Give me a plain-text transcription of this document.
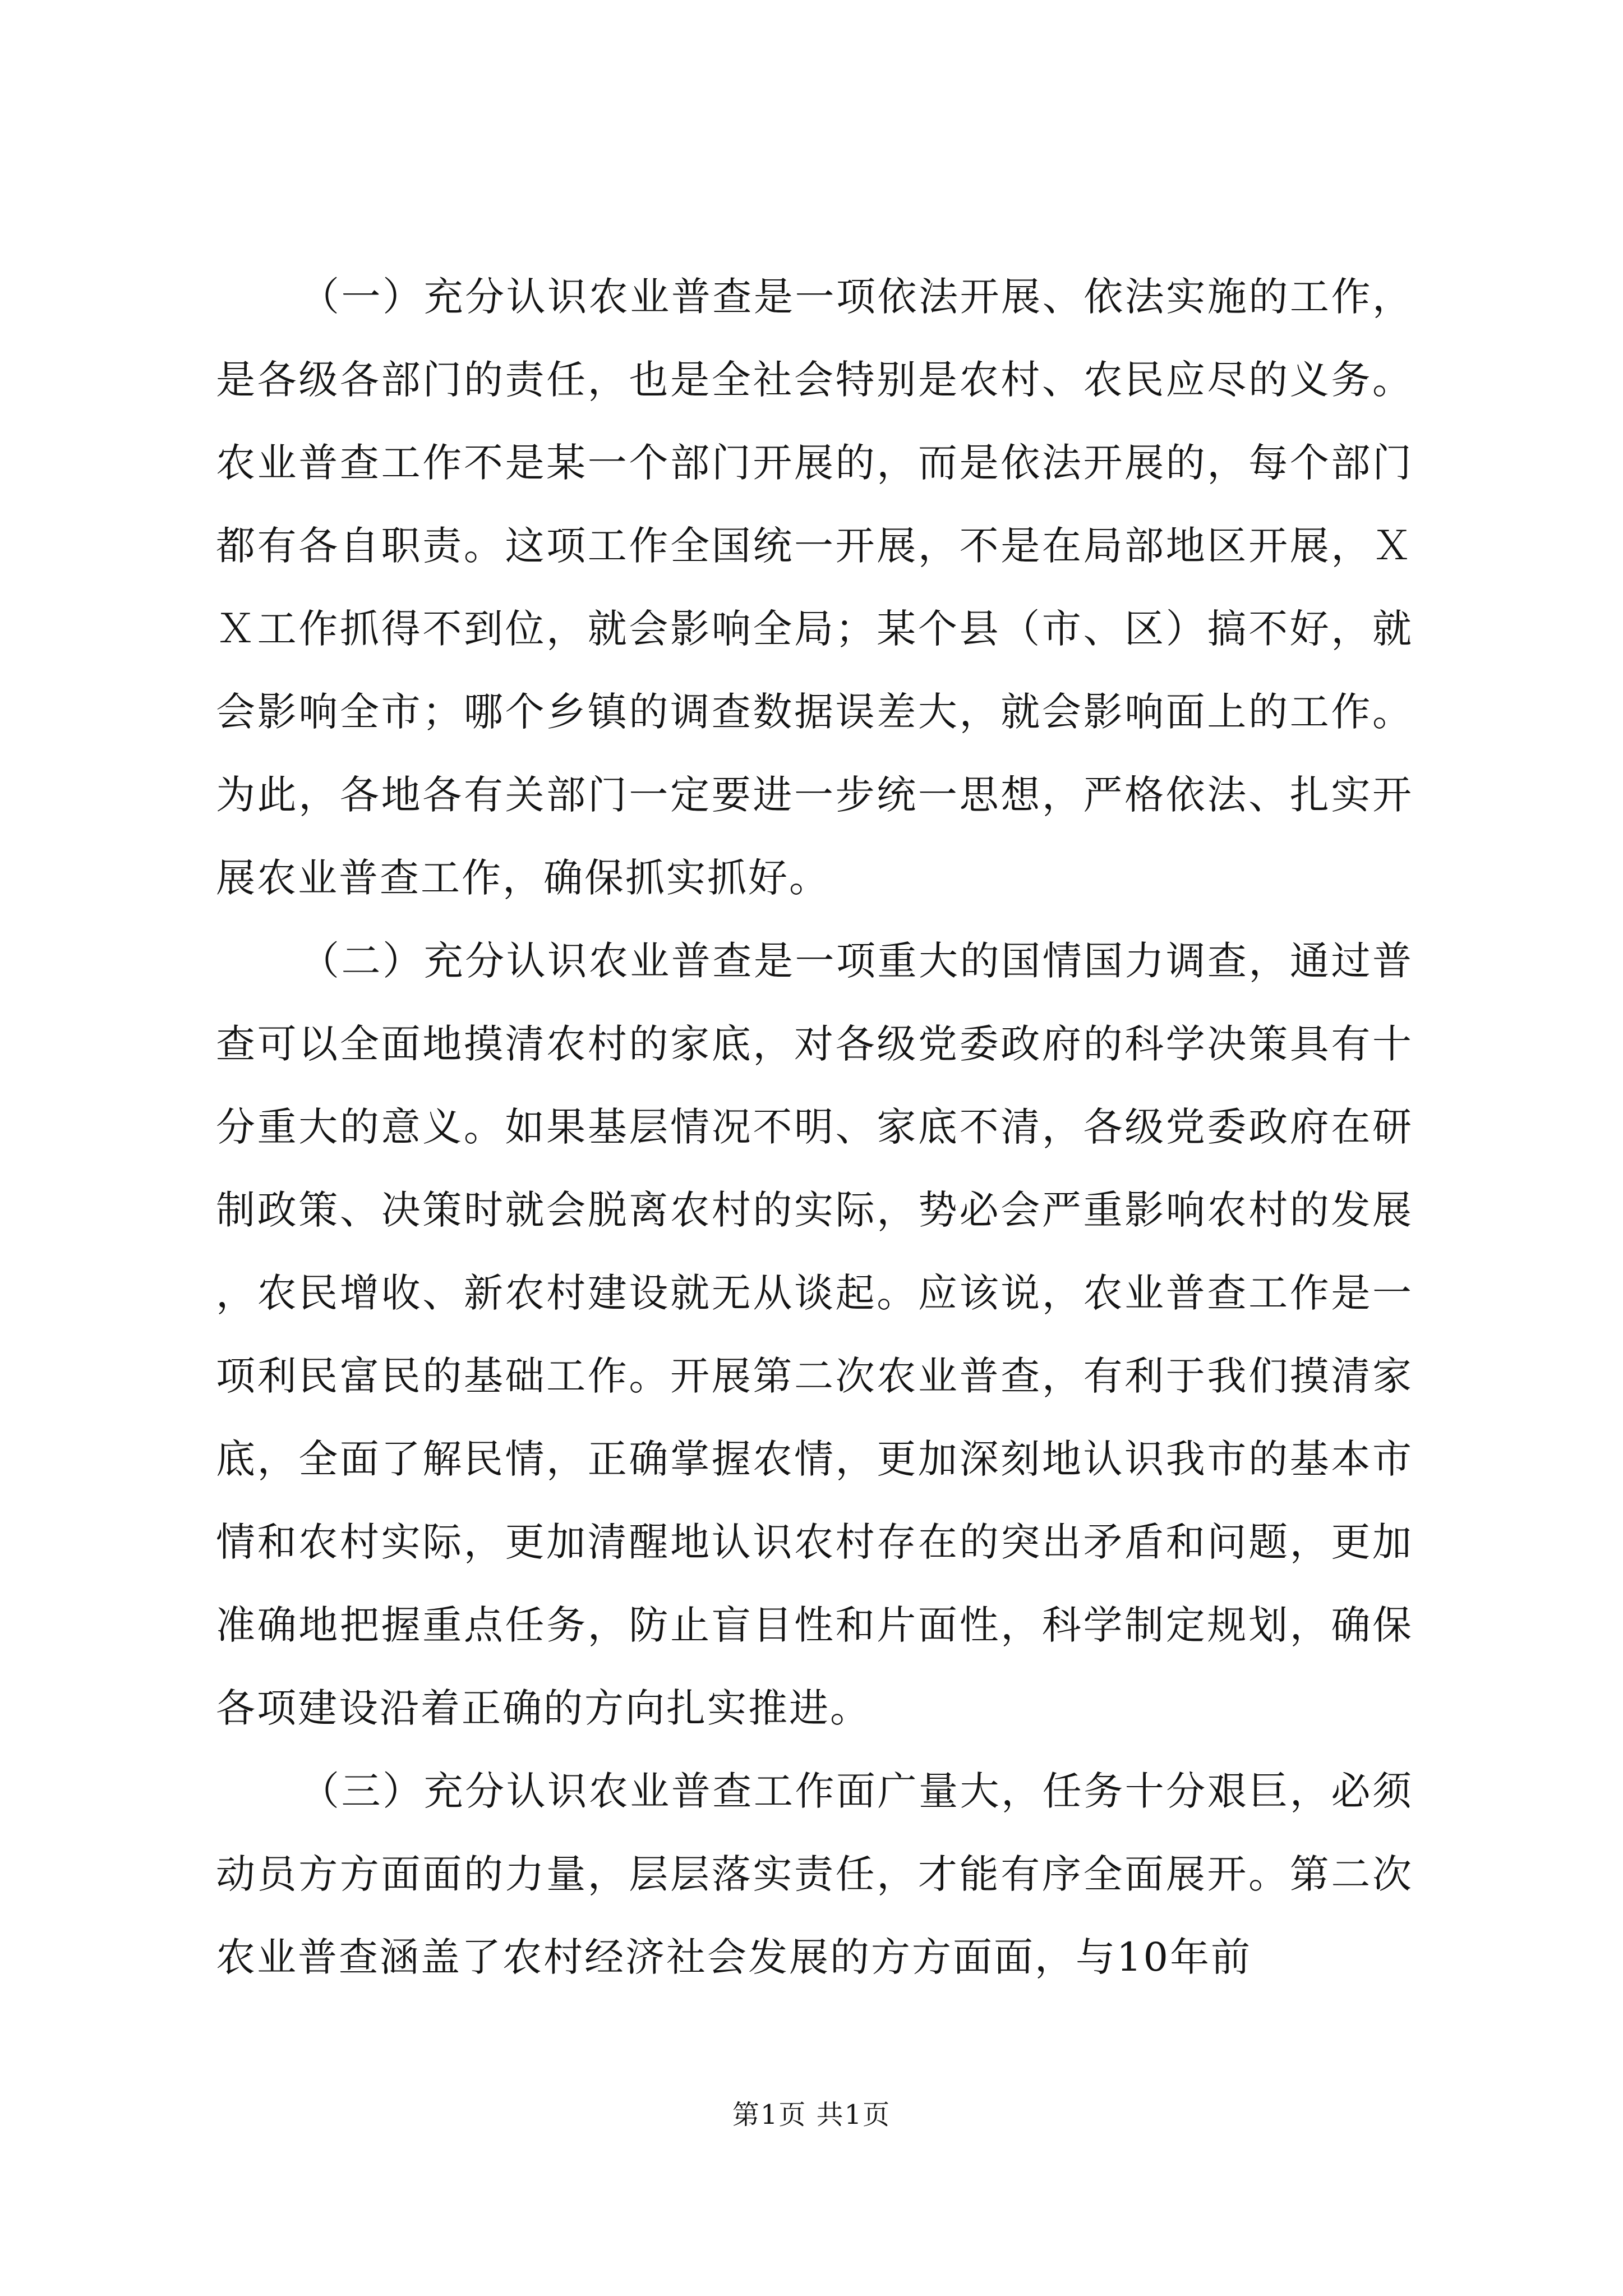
（一）充分认识农业普查是一项依法开展、依法实施的工作，是各级各部门的责任，也是全社会特别是农村、农民应尽的义务。农业普查工作不是某一个部门开展的，而是依法开展的，每个部门都有各自职责。这项工作全国统一开展，不是在局部地区开展，ＸＸ工作抓得不到位，就会影响全局；某个县（市、区）搞不好，就会影响全市；哪个乡镇的调查数据误差大，就会影响面上的工作。为此，各地各有关部门一定要进一步统一思想，严格依法、扎实开展农业普查工作，确保抓实抓好。

（二）充分认识农业普查是一项重大的国情国力调查，通过普查可以全面地摸清农村的家底，对各级党委政府的科学决策具有十分重大的意义。如果基层情况不明、家底不清，各级党委政府在研制政策、决策时就会脱离农村的实际，势必会严重影响农村的发展，农民增收、新农村建设就无从谈起。应该说，农业普查工作是一项利民富民的基础工作。开展第二次农业普查，有利于我们摸清家底，全面了解民情，正确掌握农情，更加深刻地认识我市的基本市情和农村实际，更加清醒地认识农村存在的突出矛盾和问题，更加准确地把握重点任务，防止盲目性和片面性，科学制定规划，确保各项建设沿着正确的方向扎实推进。

（三）充分认识农业普查工作面广量大，任务十分艰巨，必须动员方方面面的力量，层层落实责任，才能有序全面展开。第二次农业普查涵盖了农村经济社会发展的方方面面，与10年前

第1页 共1页
